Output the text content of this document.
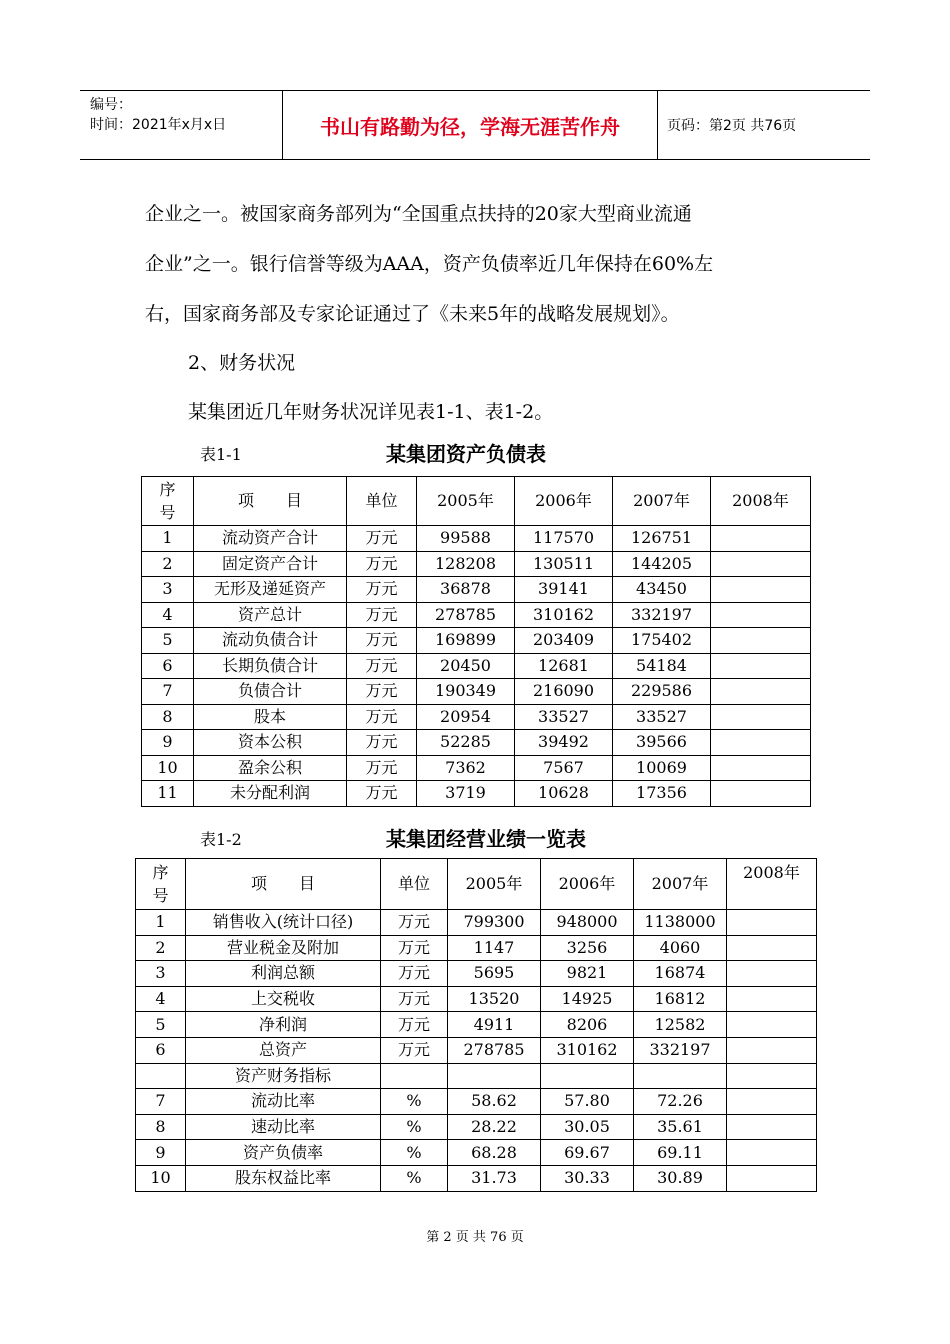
编号：
时间：2021年x月x日	书山有路勤为径，学海无涯苦作舟	页码：第2页 共76页
企业之一。被国家商务部列为“全国重点扶持的20家大型商业流通
企业”之一。银行信誉等级为AAA，资产负债率近几年保持在60%左
右，国家商务部及专家论证通过了《未来5年的战略发展规划》。
2、财务状况
某集团近几年财务状况详见表1-1、表1-2。
表1-1	某集团资产负债表
序号	项　　目	单位	2005年	2006年	2007年	2008年
1	流动资产合计	万元	99588	117570	126751	
2	固定资产合计	万元	128208	130511	144205	
3	无形及递延资产	万元	36878	39141	43450	
4	资产总计	万元	278785	310162	332197	
5	流动负债合计	万元	169899	203409	175402	
6	长期负债合计	万元	20450	12681	54184	
7	负债合计	万元	190349	216090	229586	
8	股本	万元	20954	33527	33527	
9	资本公积	万元	52285	39492	39566	
10	盈余公积	万元	7362	7567	10069	
11	未分配利润	万元	3719	10628	17356	
表1-2	某集团经营业绩一览表
序号	项　　目	单位	2005年	2006年	2007年	2008年
1	销售收入(统计口径)	万元	799300	948000	1138000	
2	营业税金及附加	万元	1147	3256	4060	
3	利润总额	万元	5695	9821	16874	
4	上交税收	万元	13520	14925	16812	
5	净利润	万元	4911	8206	12582	
6	总资产	万元	278785	310162	332197	
	资产财务指标					
7	流动比率	%	58.62	57.80	72.26	
8	速动比率	%	28.22	30.05	35.61	
9	资产负债率	%	68.28	69.67	69.11	
10	股东权益比率	%	31.73	30.33	30.89	
第 2 页 共 76 页
